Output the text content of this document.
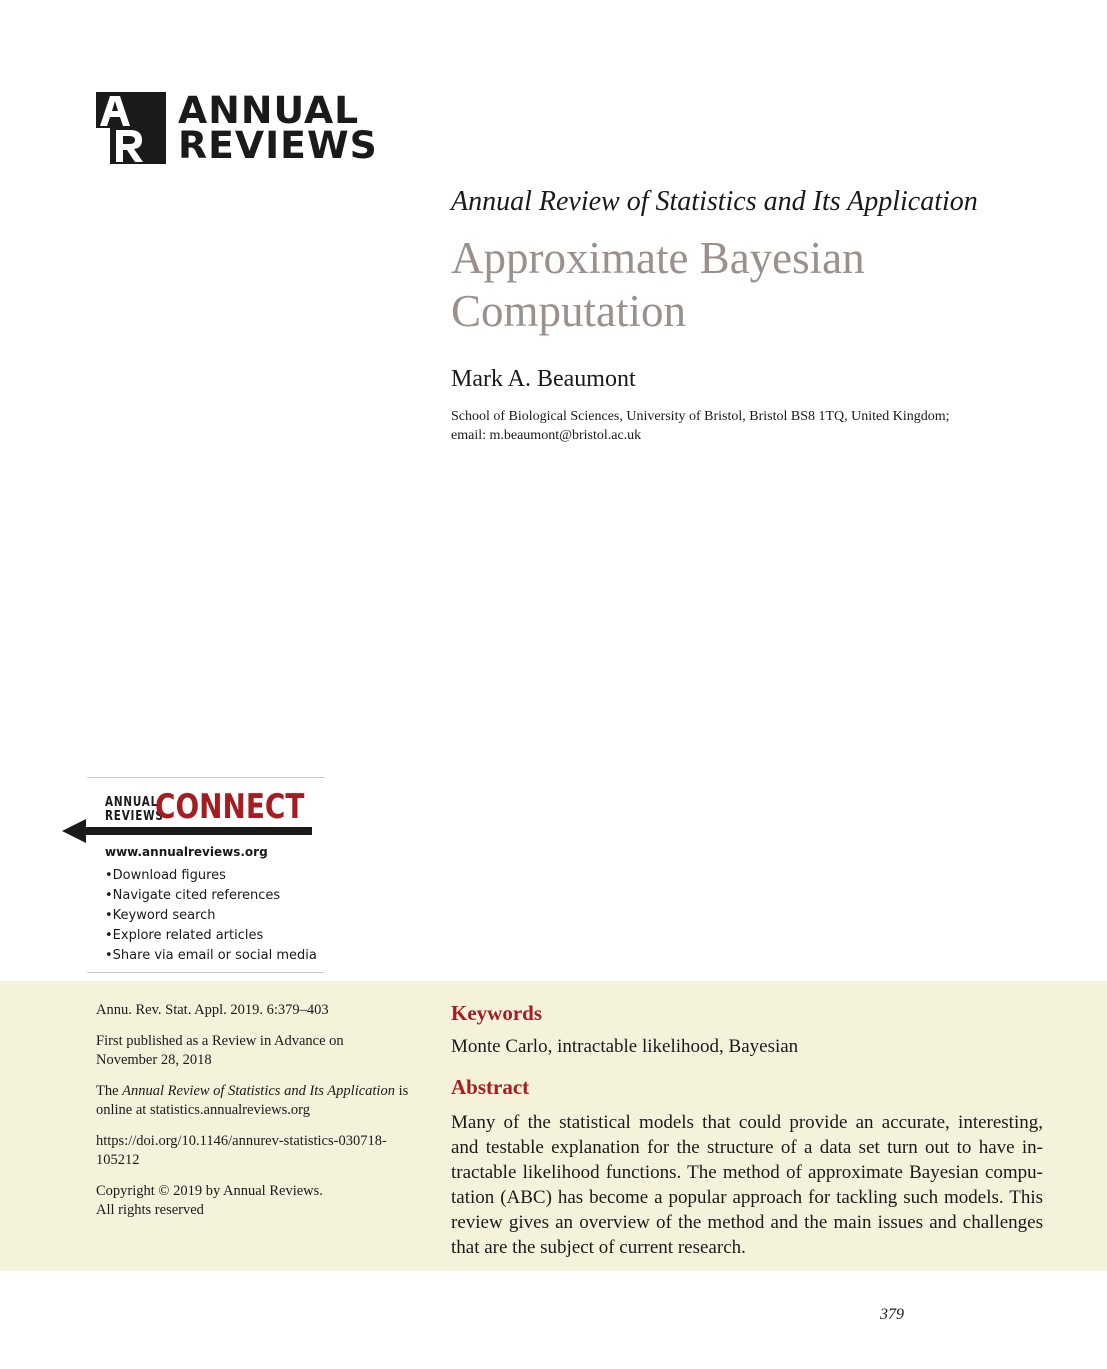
ANNUAL
REVIEWS
Annual Review of Statistics and Its Application
Approximate Bayesian
Computation
Mark A. Beaumont
School of Biological Sciences, University of Bristol, Bristol BS8 1TQ, United Kingdom;
email: m.beaumont@bristol.ac.uk
ANNUAL
REVIEWS
CONNECT
www.annualreviews.org
• Download figures
• Navigate cited references
• Keyword search
• Explore related articles
• Share via email or social media

Annu. Rev. Stat. Appl. 2019. 6:379–403

First published as a Review in Advance on
November 28, 2018

The Annual Review of Statistics and Its Application is
online at statistics.annualreviews.org

https://doi.org/10.1146/annurev-statistics-030718-
105212

Copyright © 2019 by Annual Reviews.
All rights reserved

Keywords
Monte Carlo, intractable likelihood, Bayesian
Abstract
Many of the statistical models that could provide an accurate, interesting,
and testable explanation for the structure of a data set turn out to have in-
tractable likelihood functions. The method of approximate Bayesian compu-
tation (ABC) has become a popular approach for tackling such models. This
review gives an overview of the method and the main issues and challenges
that are the subject of current research.
379
